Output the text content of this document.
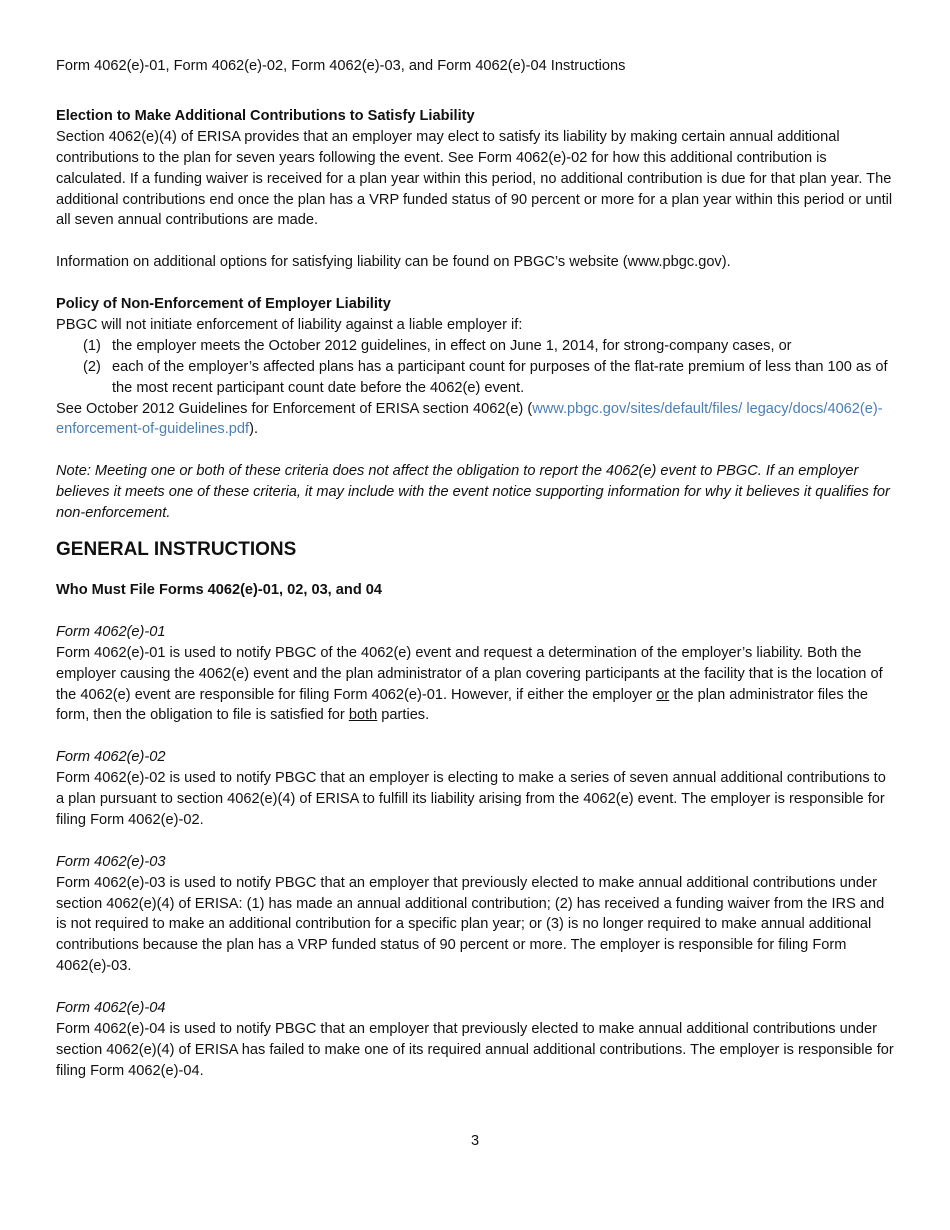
Form 4062(e)-01, Form 4062(e)-02, Form 4062(e)-03, and Form 4062(e)-04 Instructions
Election to Make Additional Contributions to Satisfy Liability

Section 4062(e)(4) of ERISA provides that an employer may elect to satisfy its liability by making certain annual additional contributions to the plan for seven years following the event. See Form 4062(e)-02 for how this additional contribution is calculated. If a funding waiver is received for a plan year within this period, no additional contribution is due for that plan year. The additional contributions end once the plan has a VRP funded status of 90 percent or more for a plan year within this period or until all seven annual contributions are made.

Information on additional options for satisfying liability can be found on PBGC’s website (www.pbgc.gov).

Policy of Non-Enforcement of Employer Liability

PBGC will not initiate enforcement of liability against a liable employer if:

(1) the employer meets the October 2012 guidelines, in effect on June 1, 2014, for strong-company cases, or
(2) each of the employer’s affected plans has a participant count for purposes of the flat-rate premium of less than 100 as of the most recent participant count date before the 4062(e) event.

See October 2012 Guidelines for Enforcement of ERISA section 4062(e) (www.pbgc.gov/sites/default/files/ legacy/docs/4062(e)-enforcement-of-guidelines.pdf).

Note: Meeting one or both of these criteria does not affect the obligation to report the 4062(e) event to PBGC. If an employer believes it meets one of these criteria, it may include with the event notice supporting information for why it believes it qualifies for non-enforcement.

GENERAL INSTRUCTIONS
Who Must File Forms 4062(e)-01, 02, 03, and 04

Form 4062(e)-01

Form 4062(e)-01 is used to notify PBGC of the 4062(e) event and request a determination of the employer’s liability. Both the employer causing the 4062(e) event and the plan administrator of a plan covering participants at the facility that is the location of the 4062(e) event are responsible for filing Form 4062(e)-01. However, if either the employer or the plan administrator files the form, then the obligation to file is satisfied for both parties.

Form 4062(e)-02

Form 4062(e)-02 is used to notify PBGC that an employer is electing to make a series of seven annual additional contributions to a plan pursuant to section 4062(e)(4) of ERISA to fulfill its liability arising from the 4062(e) event. The employer is responsible for filing Form 4062(e)-02.

Form 4062(e)-03

Form 4062(e)-03 is used to notify PBGC that an employer that previously elected to make annual additional contributions under section 4062(e)(4) of ERISA: (1) has made an annual additional contribution; (2) has received a funding waiver from the IRS and is not required to make an additional contribution for a specific plan year; or (3) is no longer required to make annual additional contributions because the plan has a VRP funded status of 90 percent or more. The employer is responsible for filing Form 4062(e)-03.

Form 4062(e)-04

Form 4062(e)-04 is used to notify PBGC that an employer that previously elected to make annual additional contributions under section 4062(e)(4) of ERISA has failed to make one of its required annual additional contributions. The employer is responsible for filing Form 4062(e)-04.

3
